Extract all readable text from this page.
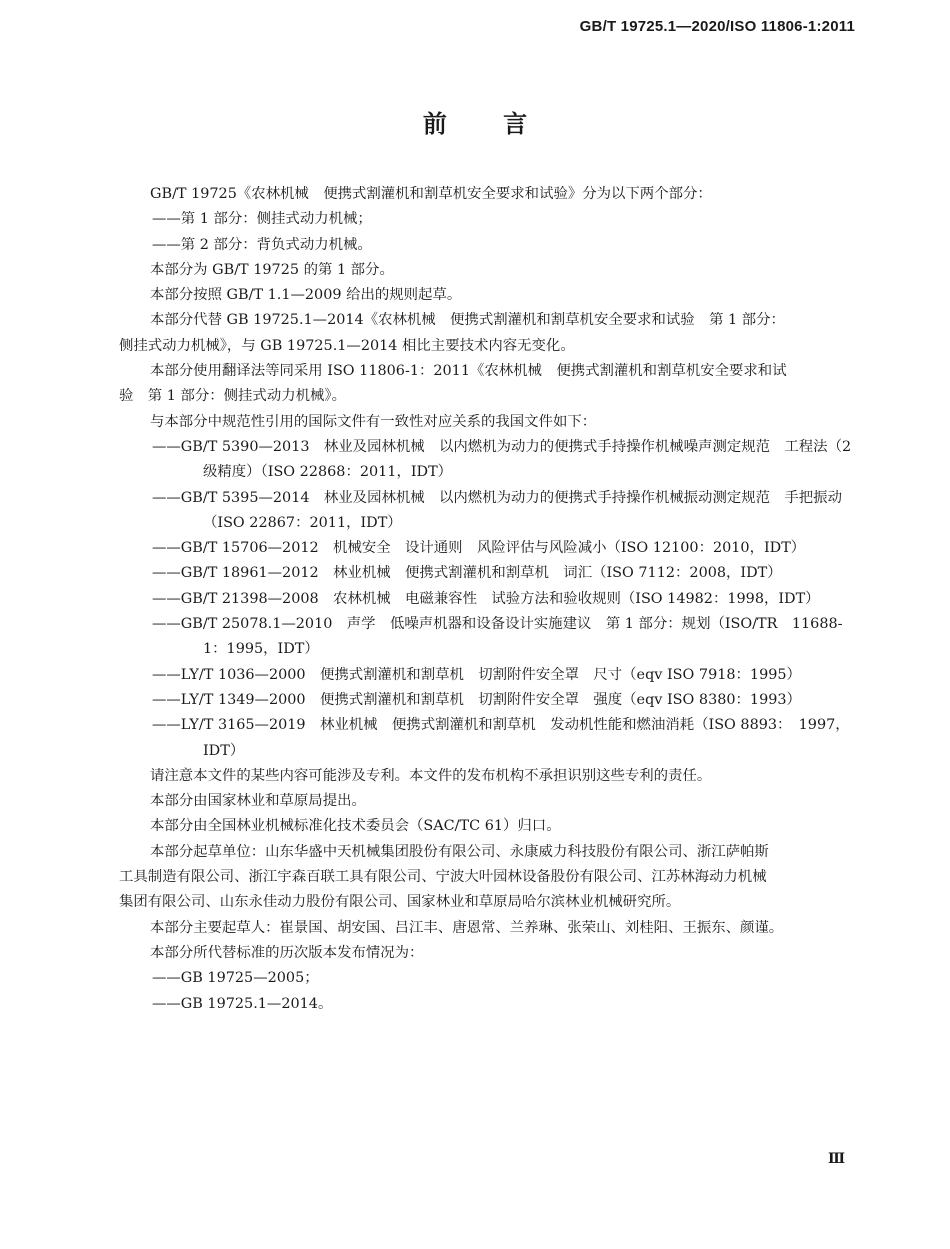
GB/T 19725.1—2020/ISO 11806-1:2011
前 言

GB/T 19725《农林机械　便携式割灌机和割草机安全要求和试验》分为以下两个部分：

——第 1 部分：侧挂式动力机械；

——第 2 部分：背负式动力机械。

本部分为 GB/T 19725 的第 1 部分。

本部分按照 GB/T 1.1—2009 给出的规则起草。

本部分代替 GB 19725.1—2014《农林机械　便携式割灌机和割草机安全要求和试验　第 1 部分：

侧挂式动力机械》，与 GB 19725.1—2014 相比主要技术内容无变化。

本部分使用翻译法等同采用 ISO 11806-1：2011《农林机械　便携式割灌机和割草机安全要求和试

验　第 1 部分：侧挂式动力机械》。

与本部分中规范性引用的国际文件有一致性对应关系的我国文件如下：

——GB/T 5390—2013　林业及园林机械　以内燃机为动力的便携式手持操作机械噪声测定规范　工程法（2 级精度）（ISO 22868：2011，IDT）

——GB/T 5395—2014　林业及园林机械　以内燃机为动力的便携式手持操作机械振动测定规范　手把振动（ISO 22867：2011，IDT）

——GB/T 15706—2012　机械安全　设计通则　风险评估与风险减小（ISO 12100：2010，IDT）

——GB/T 18961—2012　林业机械　便携式割灌机和割草机　词汇（ISO 7112：2008，IDT）

——GB/T 21398—2008　农林机械　电磁兼容性　试验方法和验收规则（ISO 14982：1998，IDT）

——GB/T 25078.1—2010　声学　低噪声机器和设备设计实施建议　第 1 部分：规划（ISO/TR　11688-1：1995，IDT）

——LY/T 1036—2000　便携式割灌机和割草机　切割附件安全罩　尺寸（eqv ISO 7918：1995）

——LY/T 1349—2000　便携式割灌机和割草机　切割附件安全罩　强度（eqv ISO 8380：1993）

——LY/T 3165—2019　林业机械　便携式割灌机和割草机　发动机性能和燃油消耗（ISO 8893：　1997，IDT）

请注意本文件的某些内容可能涉及专利。本文件的发布机构不承担识别这些专利的责任。

本部分由国家林业和草原局提出。

本部分由全国林业机械标准化技术委员会（SAC/TC 61）归口。

本部分起草单位：山东华盛中天机械集团股份有限公司、永康威力科技股份有限公司、浙江萨帕斯

工具制造有限公司、浙江宇森百联工具有限公司、宁波大叶园林设备股份有限公司、江苏林海动力机械

集团有限公司、山东永佳动力股份有限公司、国家林业和草原局哈尔滨林业机械研究所。

本部分主要起草人：崔景国、胡安国、吕江丰、唐恩常、兰养琳、张荣山、刘桂阳、王振东、颜谨。

本部分所代替标准的历次版本发布情况为：

——GB 19725—2005；

——GB 19725.1—2014。

Ⅲ
